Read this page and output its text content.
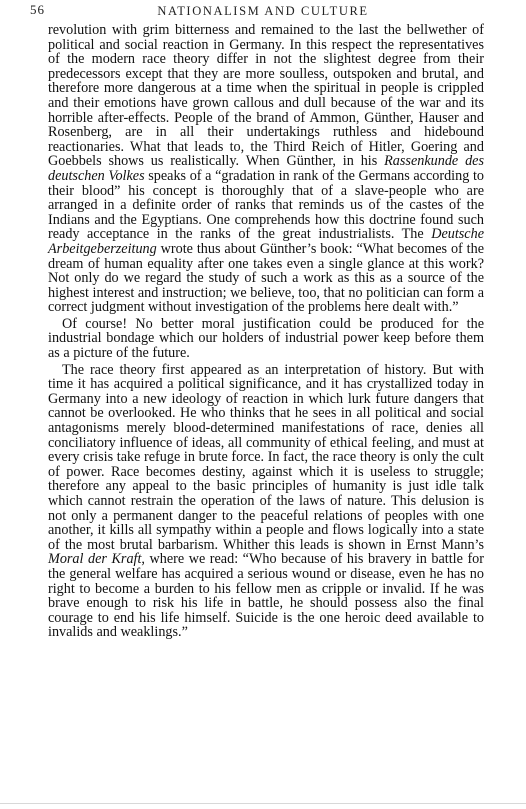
56	NATIONALISM AND CULTURE

revolution with grim bitterness and remained to the last the bellwether of political and social reaction in Germany. In this respect the representatives of the modern race theory differ in not the slightest degree from their predecessors except that they are more soulless, outspoken and brutal, and therefore more dangerous at a time when the spiritual in people is crippled and their emotions have grown callous and dull because of the war and its horrible after-effects. People of the brand of Ammon, Günther, Hauser and Rosenberg, are in all their undertakings ruthless and hidebound reactionaries. What that leads to, the Third Reich of Hitler, Goering and Goebbels shows us realistically. When Günther, in his Rassenkunde des deutschen Volkes speaks of a “gradation in rank of the Germans according to their blood” his concept is thoroughly that of a slave-people who are arranged in a definite order of ranks that reminds us of the castes of the Indians and the Egyptians. One comprehends how this doctrine found such ready acceptance in the ranks of the great industrialists. The Deutsche Arbeitgeberzeitung wrote thus about Günther’s book: “What becomes of the dream of human equality after one takes even a single glance at this work? Not only do we regard the study of such a work as this as a source of the highest interest and instruction; we believe, too, that no politician can form a correct judgment without investigation of the problems here dealt with.”

Of course! No better moral justification could be produced for the industrial bondage which our holders of industrial power keep before them as a picture of the future.

The race theory first appeared as an interpretation of history. But with time it has acquired a political significance, and it has crystallized today in Germany into a new ideology of reaction in which lurk future dangers that cannot be overlooked. He who thinks that he sees in all political and social antagonisms merely blood-determined manifestations of race, denies all conciliatory influence of ideas, all community of ethical feeling, and must at every crisis take refuge in brute force. In fact, the race theory is only the cult of power. Race becomes destiny, against which it is useless to struggle; therefore any appeal to the basic principles of humanity is just idle talk which cannot restrain the operation of the laws of nature. This delusion is not only a permanent danger to the peaceful relations of peoples with one another, it kills all sympathy within a people and flows logically into a state of the most brutal barbarism. Whither this leads is shown in Ernst Mann’s Moral der Kraft, where we read: “Who because of his bravery in battle for the general welfare has acquired a serious wound or disease, even he has no right to become a burden to his fellow men as cripple or invalid. If he was brave enough to risk his life in battle, he should possess also the final courage to end his life himself. Suicide is the one heroic deed available to invalids and weaklings.”
